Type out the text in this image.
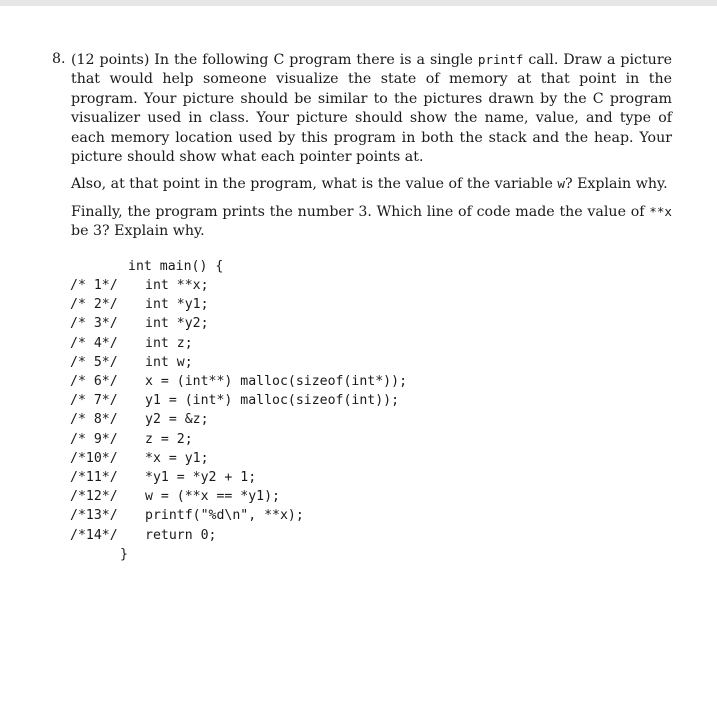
8. (12 points) In the following C program there is a single printf call. Draw a picture that would help someone visualize the state of memory at that point in the program. Your picture should be similar to the pictures drawn by the C program visualizer used in class. Your picture should show the name, value, and type of each memory location used by this program in both the stack and the heap. Your picture should show what each pointer points at.

Also, at that point in the program, what is the value of the variable w? Explain why.

Finally, the program prints the number 3. Which line of code made the value of **x be 3? Explain why.

int main() {
}
/* 1*/ int **x;
/* 2*/ int *y1;
/* 3*/ int *y2;
/* 4*/ int z;
/* 5*/ int w;
/* 6*/ x = (int**) malloc(sizeof(int*));
/* 7*/ y1 = (int*) malloc(sizeof(int));
/* 8*/ y2 = &z;
/* 9*/ z = 2;
/*10*/ *x = y1;
/*11*/ *y1 = *y2 + 1;
/*12*/ w = (**x == *y1);
/*13*/ printf("%d\n", **x);
/*14*/ return 0;
